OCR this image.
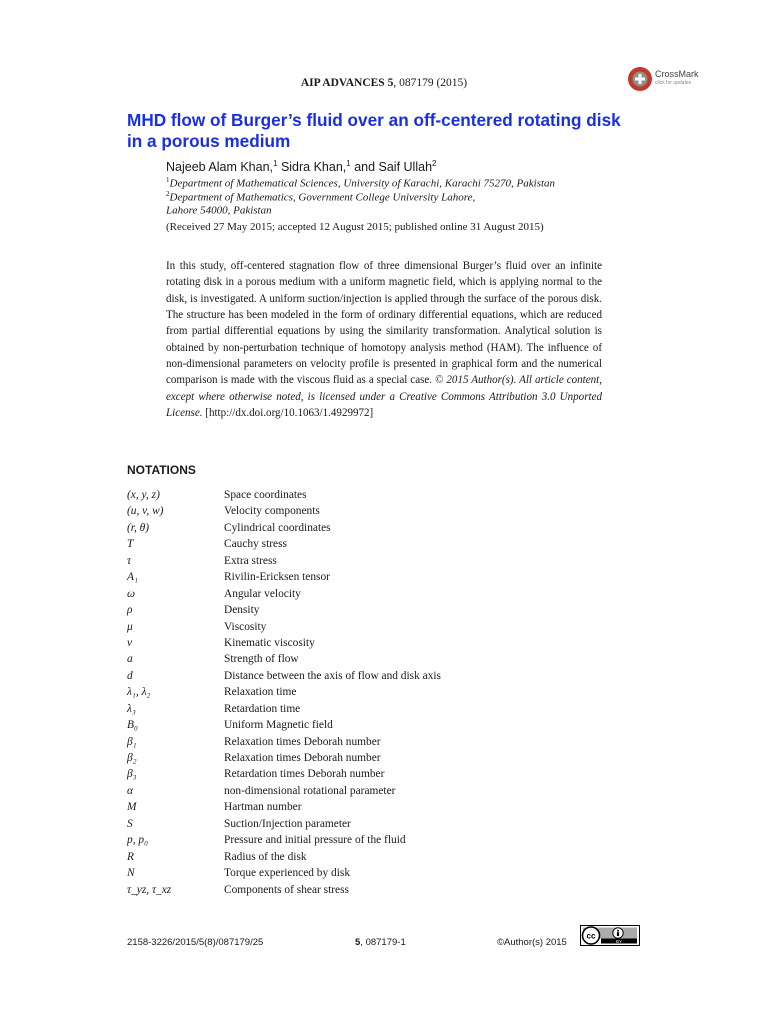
AIP ADVANCES 5, 087179 (2015)
CrossMark
click for updates
MHD flow of Burger’s fluid over an off-centered rotating disk in a porous medium
Najeeb Alam Khan,$^1$ Sidra Khan,$^1$ and Saif Ullah$^2$
$^1$Department of Mathematical Sciences, University of Karachi, Karachi 75270, Pakistan
$^2$Department of Mathematics, Government College University Lahore,
Lahore 54000, Pakistan
(Received 27 May 2015; accepted 12 August 2015; published online 31 August 2015)
In this study, off-centered stagnation flow of three dimensional Burger’s fluid over an infinite rotating disk in a porous medium with a uniform magnetic field, which is applying normal to the disk, is investigated. A uniform suction/injection is applied through the surface of the porous disk. The structure has been modeled in the form of ordinary differential equations, which are reduced from partial differential equations by using the similarity transformation. Analytical solution is obtained by non-perturbation technique of homotopy analysis method (HAM). The influence of non-dimensional parameters on velocity profile is presented in graphical form and the numerical comparison is made with the viscous fluid as a special case. © 2015 Author(s). All article content, except where otherwise noted, is licensed under a Creative Commons Attribution 3.0 Unported License. [http://dx.doi.org/10.1063/1.4929972]
NOTATIONS
(x, y, z)	Space coordinates
(u, v, w)	Velocity components
(r, θ)	Cylindrical coordinates
T	Cauchy stress
τ	Extra stress
A₁	Rivilin-Ericksen tensor
ω	Angular velocity
ρ	Density
μ	Viscosity
ν	Kinematic viscosity
a	Strength of flow
d	Distance between the axis of flow and disk axis
λ₁, λ₂	Relaxation time
λ₃	Retardation time
B₀	Uniform Magnetic field
β₁	Relaxation times Deborah number
β₂	Relaxation times Deborah number
β₃	Retardation times Deborah number
α	non-dimensional rotational parameter
M	Hartman number
S	Suction/Injection parameter
p, p₀	Pressure and initial pressure of the fluid
R	Radius of the disk
N	Torque experienced by disk
τ_yz, τ_xz	Components of shear stress
2158-3226/2015/5(8)/087179/25	5, 087179-1	©Author(s) 2015
cc
BY
